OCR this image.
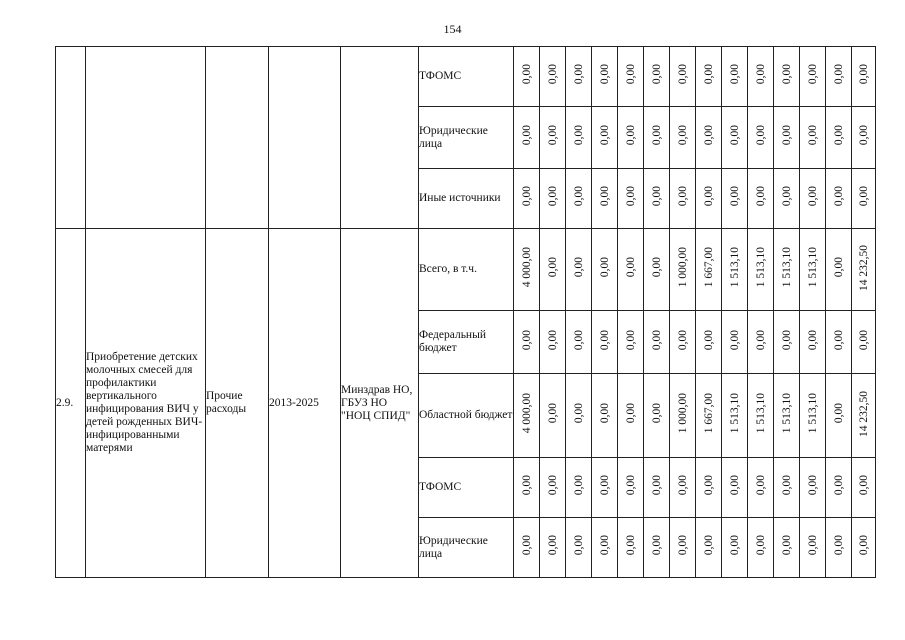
154
					ТФОМС	0,00	0,00	0,00	0,00	0,00	0,00	0,00	0,00	0,00	0,00	0,00	0,00	0,00	0,00
					Юридические лица	0,00	0,00	0,00	0,00	0,00	0,00	0,00	0,00	0,00	0,00	0,00	0,00	0,00	0,00
					Иные источники	0,00	0,00	0,00	0,00	0,00	0,00	0,00	0,00	0,00	0,00	0,00	0,00	0,00	0,00
2.9.	Приобретение детских молочных смесей для профилактики вертикального инфицирования ВИЧ у детей рожденных ВИЧ-инфицированными матерями	Прочие расходы	2013-2025	Минздрав НО, ГБУЗ НО "НОЦ СПИД"	Всего, в т.ч.	4 000,00	0,00	0,00	0,00	0,00	0,00	1 000,00	1 667,00	1 513,10	1 513,10	1 513,10	1 513,10	0,00	14 232,50
					Федеральный бюджет	0,00	0,00	0,00	0,00	0,00	0,00	0,00	0,00	0,00	0,00	0,00	0,00	0,00	0,00
					Областной бюджет	4 000,00	0,00	0,00	0,00	0,00	0,00	1 000,00	1 667,00	1 513,10	1 513,10	1 513,10	1 513,10	0,00	14 232,50
					ТФОМС	0,00	0,00	0,00	0,00	0,00	0,00	0,00	0,00	0,00	0,00	0,00	0,00	0,00	0,00
					Юридические лица	0,00	0,00	0,00	0,00	0,00	0,00	0,00	0,00	0,00	0,00	0,00	0,00	0,00	0,00
